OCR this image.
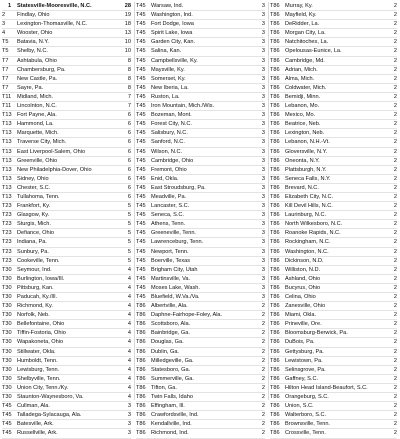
1	Statesville-Mooresville, N.C.	28
2	Findlay, Ohio	19
3	Lexington-Thomasville, N.C.	18
4	Wooster, Ohio	13
T5	Batavia, N.Y.	10
T5	Shelby, N.C.	10
T7	Ashtabula, Ohio	8
T7	Chambersburg, Pa.	8
T7	New Castle, Pa.	8
T7	Sayre, Pa.	8
T11	Midland, Mich.	7
T11	Lincolnton, N.C.	7
T13 Fort Payne, Ala.	6
T13 Hammond, La.	6
T13 Marquette, Mich.	6
T13 Traverse City, Mich.	6
T13 East Liverpool-Salem, Ohio	6
T13 Greenville, Ohio	6
T13 New Philadelphia-Dover, Ohio	6
T13 Sidney, Ohio	6
T13 Chester, S.C.	6
T13 Tullahoma, Tenn.	6
T23 Frankfort, Ky.	5
T23 Glasgow, Ky.	5
T23 Sturgis, Mich.	5
T23 Defiance, Ohio	5
T23 Indiana, Pa.	5
T23 Sunbury, Pa.	5
T23 Cookeville, Tenn.	5
T30 Seymour, Ind.	4
T30 Burlington, Iowa/Ill.	4
T30 Pittsburg, Kan.	4
T30 Paducah, Ky./Ill.	4
T30 Richmond, Ky.	4
T30 Norfolk, Neb.	4
T30 Bellefontaine, Ohio	4
T30 Tiffin-Fostoria, Ohio	4
T30 Wapakoneta, Ohio	4
T30 Stillwater, Okla.	4
T30 Humboldt, Tenn.	4
T30 Lewisburg, Tenn.	4
T30 Shelbyville, Tenn.	4
T30 Union City, Tenn./Ky.	4
T30 Staunton-Waynesboro, Va.	4
T45 Cullman, Ala.	3
T45 Talladega-Sylacauga, Ala.	3
T45 Batesville, Ark.	3
T45 Russellville, Ark.	3
T45 Warsaw, Ind.	3
T45 Washington, Ind.	3
T45 Fort Dodge, Iowa	3
T45 Spirit Lake, Iowa	3
T45 Garden City, Kan.	3
T45 Salina, Kan.	3
T45 Campbellsville, Ky.	3
T45 Maysville, Ky.	3
T45 Somerset, Ky.	3
T45 New Iberia, La.	3
T45 Ruston, La.	3
T45 Iron Mountain, Mich./Wis.	3
T45 Bozeman, Mont.	3
T45 Forest City, N.C.	3
T45 Salisbury, N.C.	3
T45 Sanford, N.C.	3
T45 Wilson, N.C.	3
T45 Cambridge, Ohio	3
T45 Fremont, Ohio	3
T45 Enid, Okla.	3
T45 East Stroudsburg, Pa.	3
T45 Meadville, Pa.	3
T45 Lancaster, S.C.	3
T45 Seneca, S.C.	3
T45 Athens, Tenn.	3
T45 Greeneville, Tenn.	3
T45 Lawrenceburg, Tenn.	3
T45 Newport, Tenn.	3
T45 Boerville, Texas	3
T45 Brigham City, Utah	3
T45 Martinsville, Va.	3
T45 Moses Lake, Wash.	3
T45 Bluefield, W.Va./Va.	3
T86 Albertville, Ala.	2
T86 Daphne-Fairhope-Foley, Ala.	2
T86 Scottsboro, Ala.	2
T86 Bainbridge, Ga.	2
T86 Douglas, Ga.	2
T86 Dublin, Ga.	2
T86 Milledgeville, Ga.	2
T86 Statesboro, Ga.	2
T86 Summerville, Ga.	2
T86 Tifton, Ga.	2
T86 Twin Falls, Idaho	2
T86 Effingham, Ill.	2
T86 Crawfordsville, Ind.	2
T86 Kendallville, Ind.	2
T86 Richmond, Ind.	2
T86 Murray, Ky.	2
T86 Mayfield, Ky.	2
T86 DeRidder, La.	2
T86 Morgan City, La.	2
T86 Natchitoches, La.	2
T86 Opelousas-Eunice, La.	2
T86 Cambridge, Md.	2
T86 Adrian, Mich.	2
T86 Alma, Mich.	2
T86 Coldwater, Mich.	2
T86 Bemidji, Minn.	2
T86 Lebanon, Mo.	2
T86 Mexico, Mo.	2
T86 Beatrice, Neb.	2
T86 Lexington, Neb.	2
T86 Lebanon, N.H.-Vt.	2
T86 Gloversville, N.Y.	2
T86 Oneonta, N.Y.	2
T86 Plattsburgh, N.Y.	2
T86 Seneca Falls, N.Y.	2
T86 Brevard, N.C.	2
T86 Elizabeth City, N.C.	2
T86 Kill Devil Hills, N.C.	2
T86 Laurinburg, N.C.	2
T86 North Wilkesboro, N.C.	2
T86 Roanoke Rapids, N.C.	2
T86 Rockingham, N.C.	2
T86 Washington, N.C.	2
T86 Dickinson, N.D.	2
T86 Williston, N.D.	2
T86 Ashland, Ohio	2
T86 Bucyrus, Ohio	2
T86 Celina, Ohio	2
T86 Zanesville, Ohio	2
T86 Miami, Okla.	2
T86 Prineville, Ore.	2
T86 Bloomsburg-Berwick, Pa.	2
T86 DuBois, Pa.	2
T86 Gettysburg, Pa.	2
T86 Lewistown, Pa.	2
T86 Selinsgrove, Pa.	2
T86 Gaffney, S.C.	2
T86 Hilton Head Island-Beaufort, S.C.	2
T86 Orangeburg, S.C.	2
T86 Union, S.C.	2
T86 Walterboro, S.C.	2
T86 Brownsville, Tenn.	2
T86 Crossville, Tenn.	2
